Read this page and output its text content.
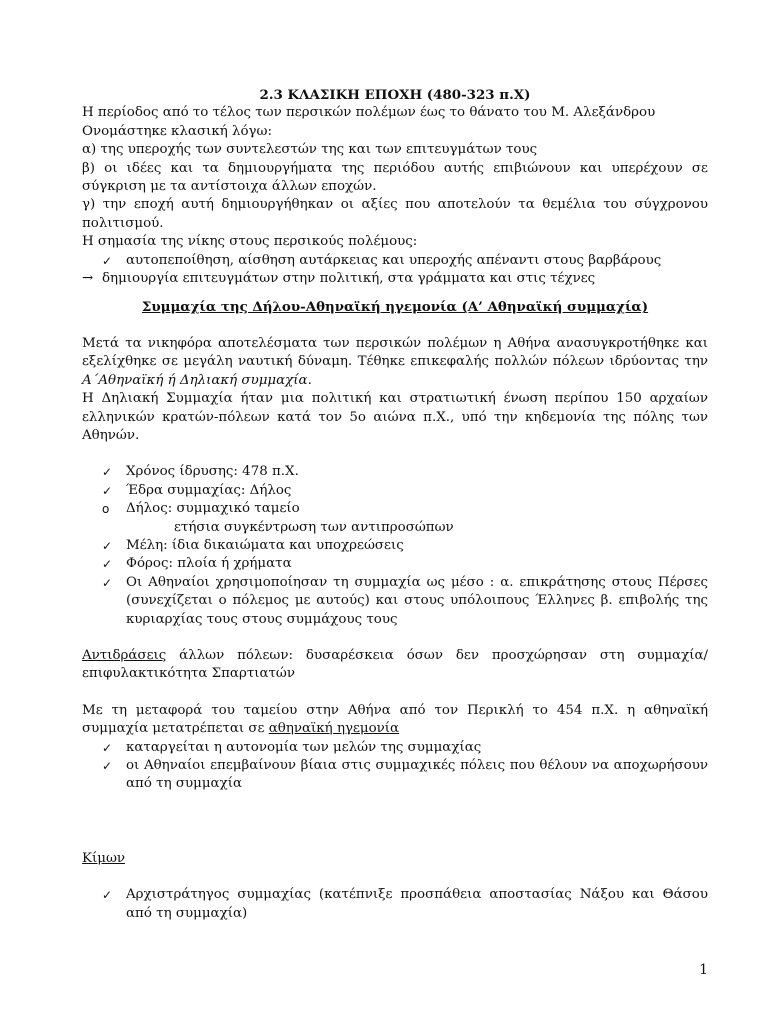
2.3 ΚΛΑΣΙΚΗ ΕΠΟΧΗ (480-323 π.Χ)
Η περίοδος από το τέλος των περσικών πολέμων έως το θάνατο του Μ. Αλεξάνδρου
Ονομάστηκε κλασική λόγω:
α) της υπεροχής των συντελεστών της και των επιτευγμάτων τους
β) οι ιδέες και τα δημιουργήματα της περιόδου αυτής επιβιώνουν και υπερέχουν σε σύγκριση με τα αντίστοιχα άλλων εποχών.
γ) την εποχή αυτή δημιουργήθηκαν οι αξίες που αποτελούν τα θεμέλια του σύγχρονου πολιτισμού.
Η σημασία της νίκης στους περσικούς πολέμους:
✓	αυτοπεποίθηση, αίσθηση αυτάρκειας και υπεροχής απέναντι στους βαρβάρους
→ δημιουργία επιτευγμάτων στην πολιτική, στα γράμματα και στις τέχνες
Συμμαχία της Δήλου-Αθηναϊκή ηγεμονία (Α’ Αθηναϊκή συμμαχία)
Μετά τα νικηφόρα αποτελέσματα των περσικών πολέμων η Αθήνα ανασυγκροτήθηκε και εξελίχθηκε σε μεγάλη ναυτική δύναμη. Τέθηκε επικεφαλής πολλών πόλεων ιδρύοντας την Α΄Αθηναϊκή ή Δηλιακή συμμαχία.
Η Δηλιακή Συμμαχία ήταν μια πολιτική και στρατιωτική ένωση περίπου 150 αρχαίων ελληνικών κρατών-πόλεων κατά τον 5ο αιώνα π.Χ., υπό την κηδεμονία της πόλης των Αθηνών.
✓	Χρόνος ίδρυσης: 478 π.Χ.
✓	Έδρα συμμαχίας: Δήλος
o	Δήλος: συμμαχικό ταμείο
ετήσια συγκέντρωση των αντιπροσώπων
✓	Μέλη: ίδια δικαιώματα και υποχρεώσεις
✓	Φόρος: πλοία ή χρήματα
✓	Οι Αθηναίοι χρησιμοποίησαν τη συμμαχία ως μέσο : α. επικράτησης στους Πέρσες (συνεχίζεται ο πόλεμος με αυτούς) και στους υπόλοιπους Έλληνες β. επιβολής της κυριαρχίας τους στους συμμάχους τους
Αντιδράσεις άλλων πόλεων: δυσαρέσκεια όσων δεν προσχώρησαν στη συμμαχία/επιφυλακτικότητα Σπαρτιατών
Με τη μεταφορά του ταμείου στην Αθήνα από τον Περικλή το 454 π.Χ. η αθηναϊκή συμμαχία μετατρέπεται σε αθηναϊκή ηγεμονία
✓	καταργείται η αυτονομία των μελών της συμμαχίας
✓	οι Αθηναίοι επεμβαίνουν βίαια στις συμμαχικές πόλεις που θέλουν να αποχωρήσουν από τη συμμαχία
Κίμων
✓	Αρχιστράτηγος συμμαχίας (κατέπνιξε προσπάθεια αποστασίας Νάξου και Θάσου από τη συμμαχία)
1
